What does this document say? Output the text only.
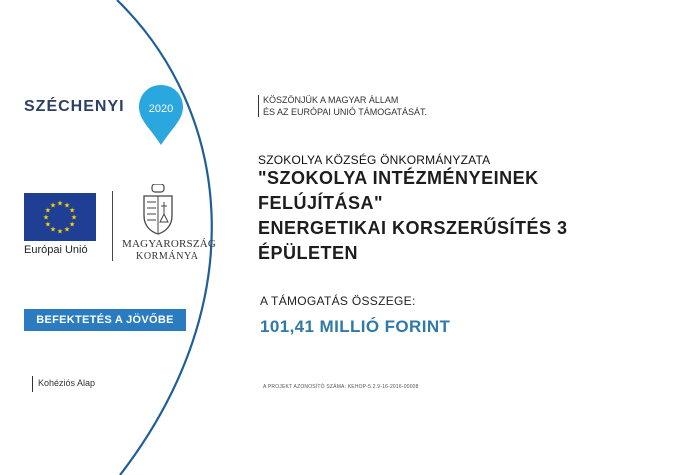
SZÉCHENYI 2020
★ ★
★
★
★
★
★
★
★
★
★
★
Európai Unió	MAGYARORSZÁG
KORMÁNYA
BEFEKTETÉS A JÖVŐBE
Kohéziós Alap
KÖSZÖNJÜK A MAGYAR ÁLLAM
ÉS AZ EURÓPAI UNIÓ TÁMOGATÁSÁT.
SZOKOLYA KÖZSÉG ÖNKORMÁNYZATA
"SZOKOLYA INTÉZMÉNYEINEK
FELÚJÍTÁSA"
ENERGETIKAI KORSZERŰSÍTÉS 3
ÉPÜLETEN
A TÁMOGATÁS ÖSSZEGE:
101,41 MILLIÓ FORINT
A PROJEKT AZONOSÍTÓ SZÁMA: KEHOP-5.2.9-16-2016-00008
